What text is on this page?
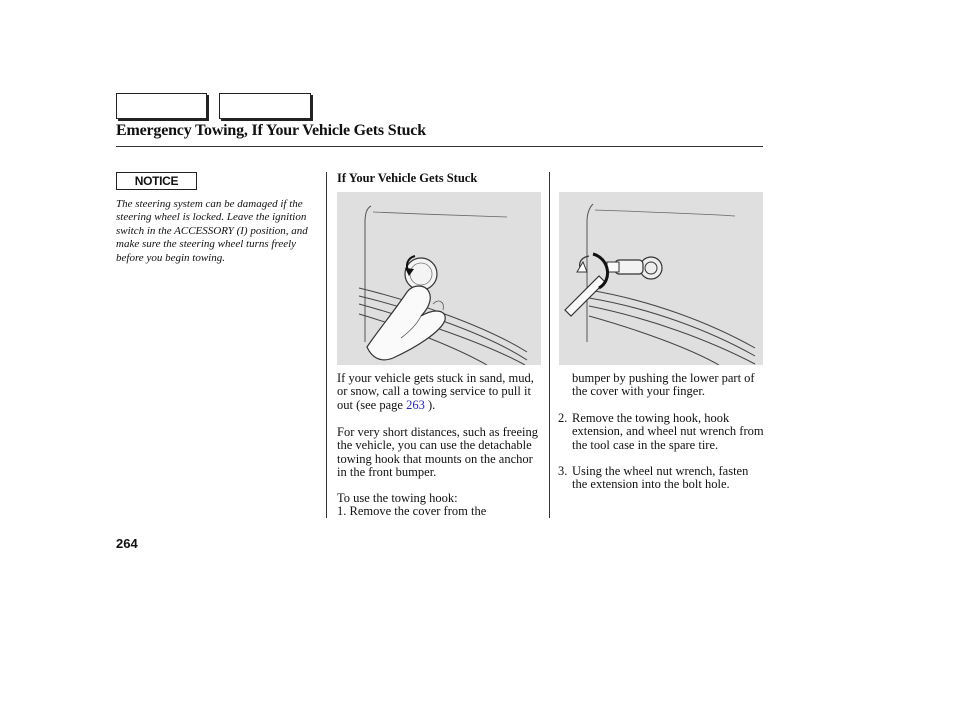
Emergency Towing, If Your Vehicle Gets Stuck
NOTICE
The steering system can be damaged if the steering wheel is locked. Leave the ignition switch in the ACCESSORY (I) position, and make sure the steering wheel turns freely before you begin towing.
If Your Vehicle Gets Stuck

If your vehicle gets stuck in sand, mud, or snow, call a towing service to pull it out (see page 263 ).

For very short distances, such as freeing the vehicle, you can use the detachable towing hook that mounts on the anchor in the front bumper.

To use the towing hook:
1. Remove the cover from the

bumper by pushing the lower part of the cover with your finger.

2. Remove the towing hook, hook extension, and wheel nut wrench from the tool case in the spare tire.
3. Using the wheel nut wrench, fasten the extension into the bolt hole.
264
